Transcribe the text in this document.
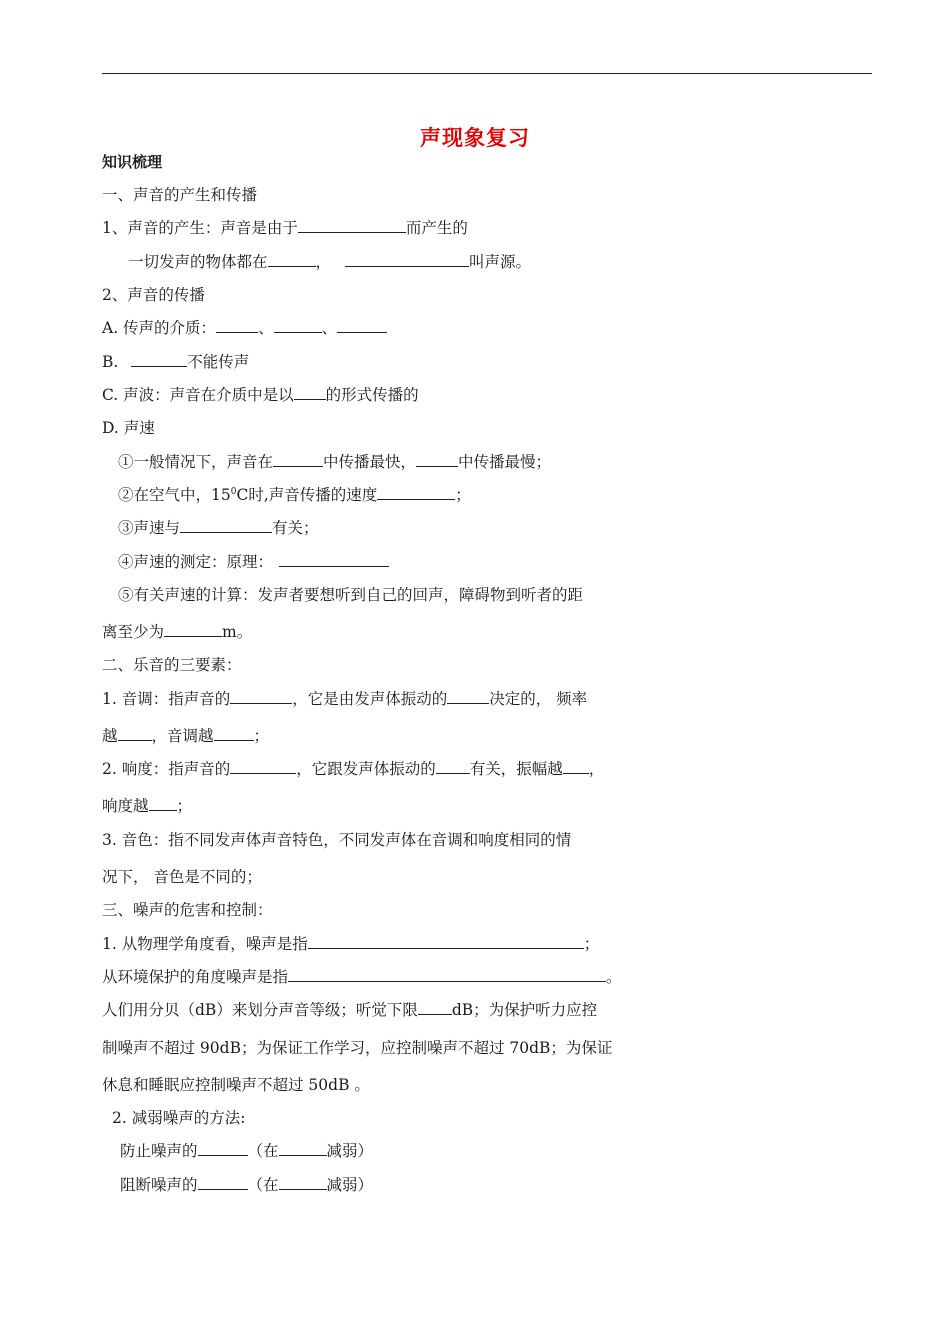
声现象复习
知识梳理
一、声音的产生和传播
1、声音的产生：声音是由于	而产生的
一切发声的物体都在	，	叫声源。
2、声音的传播
A. 传声的介质：	、	、
B.	不能传声
C. 声波：声音在介质中是以 的形式传播的
D. 声速
①一般情况下，声音在	中传播最快，	中传播最慢；
②在空气中，$15^0C$时,声音传播的速度	；
③声速与	有关；
④声速的测定：原理：
⑤有关声速的计算：发声者要想听到自己的回声，障碍物到听者的距
离至少为	m。
二、乐音的三要素：
1. 音调：指声音的	，它是由发声体振动的	决定的， 频率
越 ，音调越	；
2. 响度：指声音的	，它跟发声体振动的 有关，振幅越 ，
响度越 ；
3. 音色：指不同发声体声音特色，不同发声体在音调和响度相同的情
况下， 音色是不同的；
三、噪声的危害和控制：
1. 从物理学角度看，噪声是指	；
从环境保护的角度噪声是指	。
人们用分贝（dB）来划分声音等级；听觉下限 dB；为保护听力应控
制噪声不超过 90dB；为保证工作学习，应控制噪声不超过 70dB；为保证
休息和睡眠应控制噪声不超过 50dB 。
2. 减弱噪声的方法:
防止噪声的	（在	减弱）
阻断噪声的	（在	减弱）
